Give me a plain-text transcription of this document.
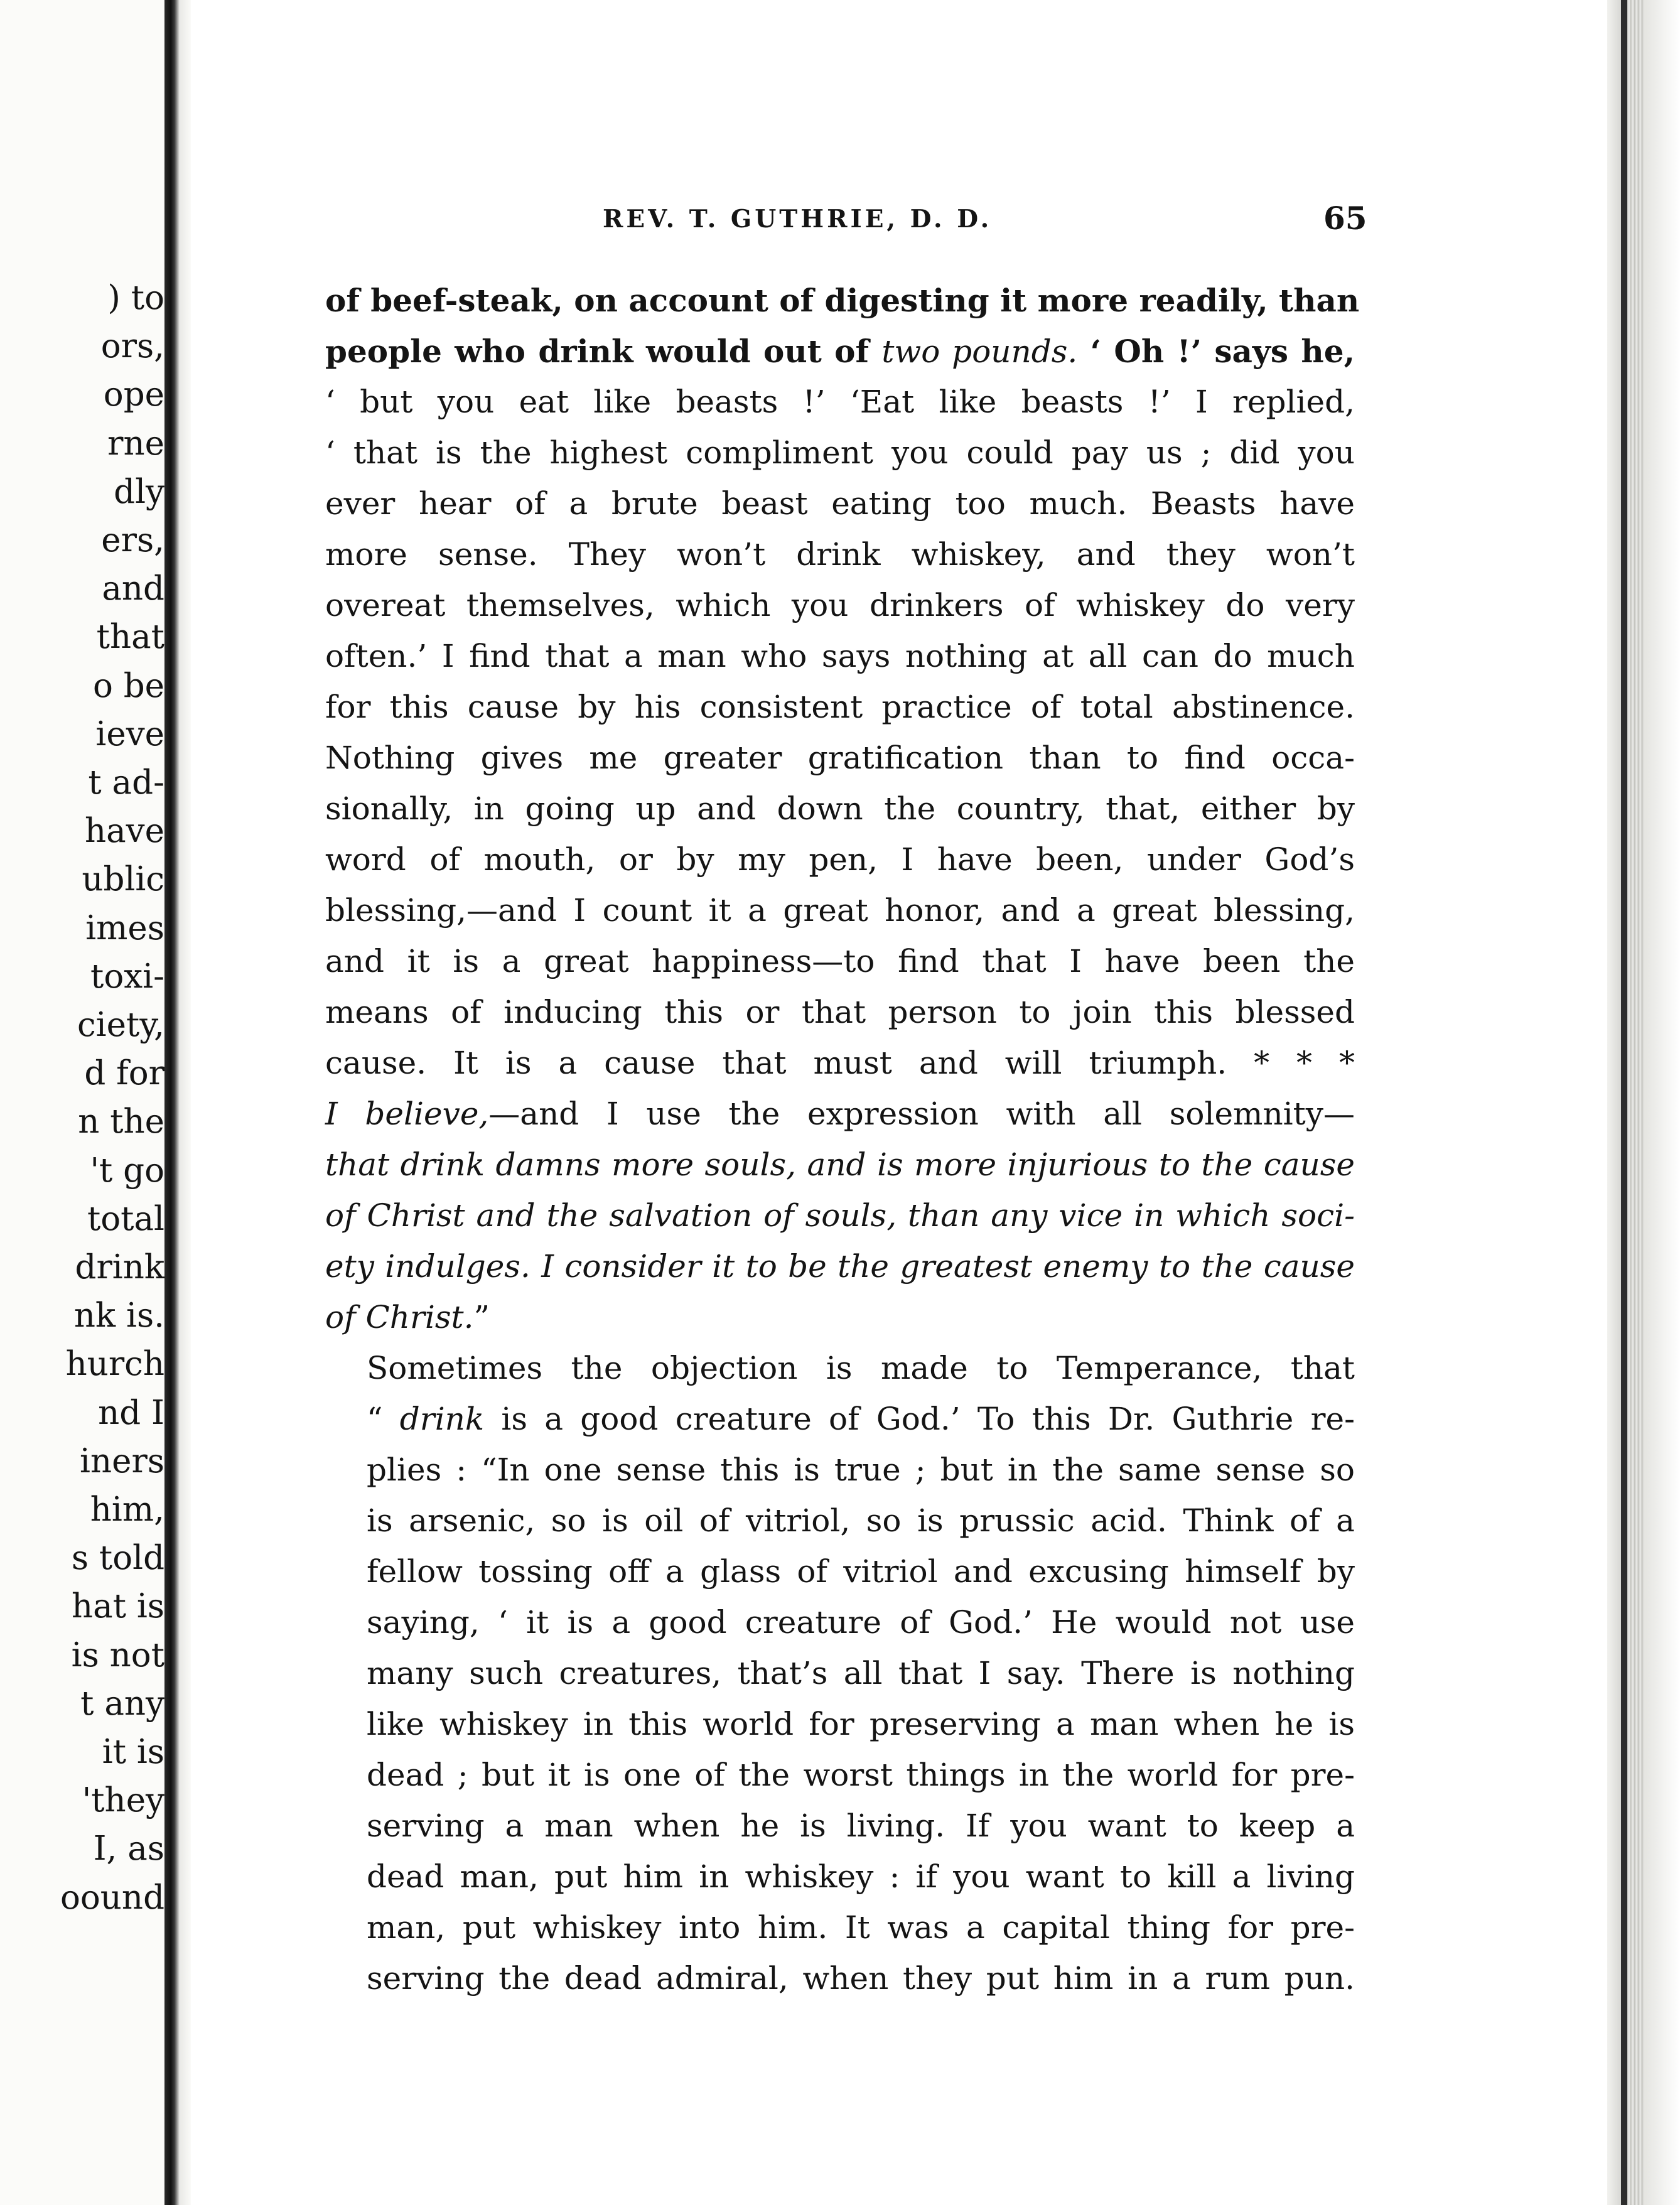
) to
ors,
ope
rne
dly
ers,
and
that
o be
ieve
t ad-
have
ublic
imes
toxi-
ciety,
d for
n the
't go
total
drink
nk is.
hurch
nd I
iners
him,
s told
hat is
is not
t any
it is
'they
I, as
oound
REV. T. GUTHRIE, D. D.	65
of beef-steak, on account of digesting it more readily, than
people who drink would out of two pounds. ‘ Oh !’ says he,
‘ but you eat like beasts !’ ‘Eat like beasts !’ I replied,
‘ that is the highest compliment you could pay us ; did you
ever hear of a brute beast eating too much. Beasts have
more sense. They won’t drink whiskey, and they won’t
overeat themselves, which you drinkers of whiskey do very
often.’ I find that a man who says nothing at all can do much
for this cause by his consistent practice of total abstinence.
Nothing gives me greater gratification than to find occa-
sionally, in going up and down the country, that, either by
word of mouth, or by my pen, I have been, under God’s
blessing,—and I count it a great honor, and a great blessing,
and it is a great happiness—to find that I have been the
means of inducing this or that person to join this blessed
cause. It is a cause that must and will triumph. * * *
I believe,—and I use the expression with all solemnity—
that drink damns more souls, and is more injurious to the cause
of Christ and the salvation of souls, than any vice in which soci-
ety indulges. I consider it to be the greatest enemy to the cause
of Christ.”
Sometimes the objection is made to Temperance, that
“ drink is a good creature of God.’ To this Dr. Guthrie re-
plies : “In one sense this is true ; but in the same sense so
is arsenic, so is oil of vitriol, so is prussic acid. Think of a
fellow tossing off a glass of vitriol and excusing himself by
saying, ‘ it is a good creature of God.’ He would not use
many such creatures, that’s all that I say. There is nothing
like whiskey in this world for preserving a man when he is
dead ; but it is one of the worst things in the world for pre-
serving a man when he is living. If you want to keep a
dead man, put him in whiskey : if you want to kill a living
man, put whiskey into him. It was a capital thing for pre-
serving the dead admiral, when they put him in a rum pun.
